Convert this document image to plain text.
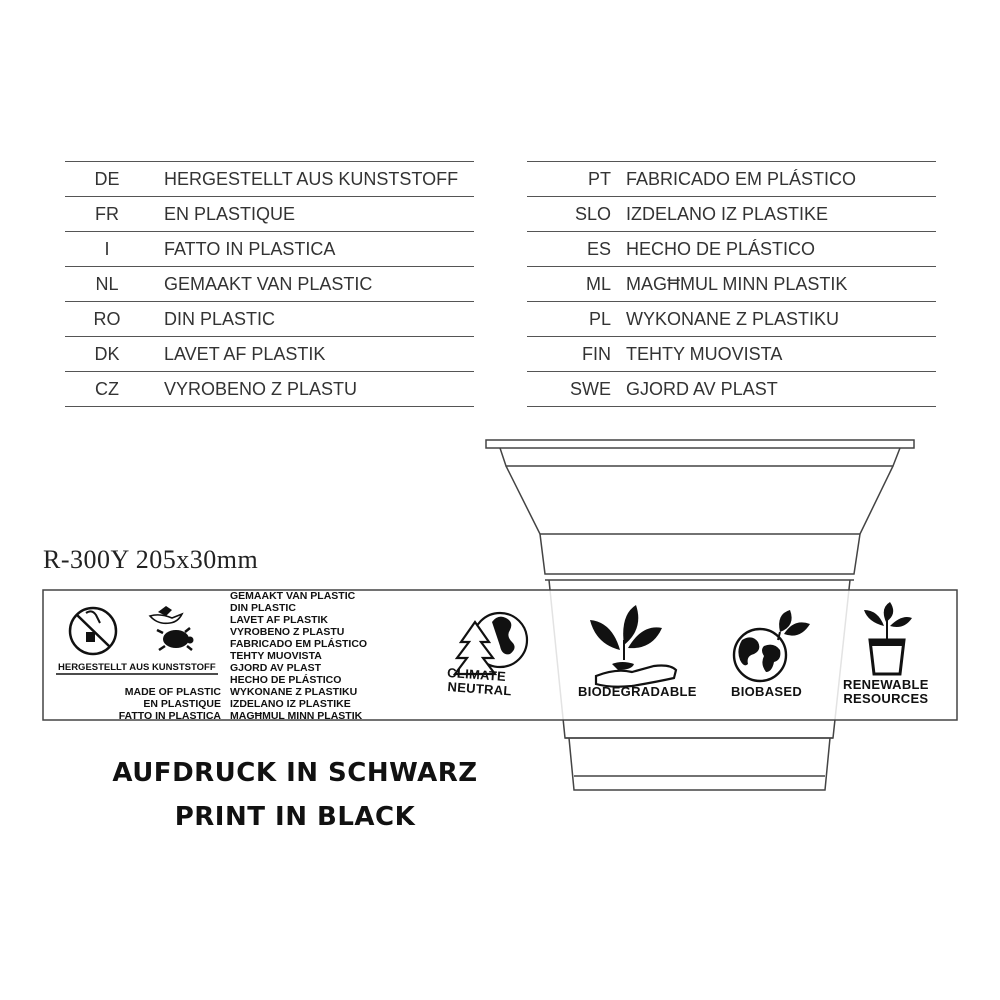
DE	HERGESTELLT AUS KUNSTSTOFF
FR	EN PLASTIQUE
I	FATTO IN PLASTICA
NL	GEMAAKT VAN PLASTIC
RO	DIN PLASTIC
DK	LAVET AF PLASTIK
CZ	VYROBENO Z PLASTU
PT FABRICADO EM PLÁSTICO
SLO IZDELANO IZ PLASTIKE
ES HECHO DE PLÁSTICO
ML MAGĦMUL MINN PLASTIK
PL WYKONANE Z PLASTIKU
FIN TEHTY MUOVISTA
SWE GJORD AV PLAST
R-300Y 205x30mm
HERGESTELLT AUS KUNSTSTOFF
MADE OF PLASTIC
EN PLASTIQUE
FATTO IN PLASTICA
GEMAAKT VAN PLASTIC
DIN PLASTIC
LAVET AF PLASTIK
VYROBENO Z PLASTU
FABRICADO EM PLÁSTICO
TEHTY MUOVISTA
GJORD AV PLAST
HECHO DE PLÁSTICO
WYKONANE Z PLASTIKU
IZDELANO IZ PLASTIKE
MAGĦMUL MINN PLASTIK
CLIMATE
NEUTRAL	BIODEGRADABLE	BIOBASED	RENEWABLE
RESOURCES
AUFDRUCK IN SCHWARZ
PRINT IN BLACK
